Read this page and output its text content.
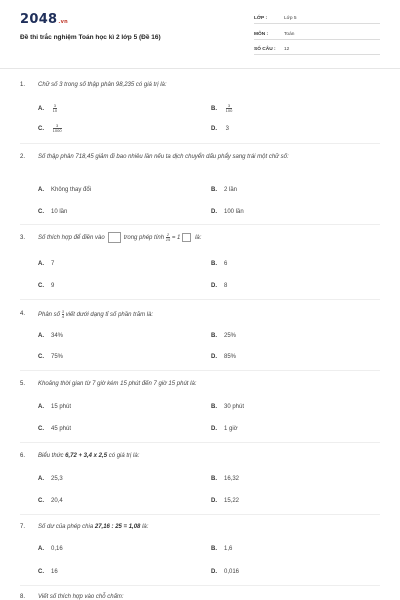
2048.vn
Đề thi trắc nghiệm Toán học kì 2 lớp 5 (Đề 16)
LỚP :	Lớp 5
MÔN :	Toán
SỐ CÂU : 12
1. Chữ số 3 trong số thập phân 98,235 có giá trị là:
A. $\frac{3}{10}$	B. $\frac{3}{100}$
C. $\frac{3}{1000}$	D. 3
2. Số thập phân 718,45 giảm đi bao nhiêu lần nếu ta dịch chuyển dấu phẩy sang trái một chữ số:
A. Không thay đổi	B. 2 lần
C. 10 lần	D. 100 lần
3. Số thích hợp để điền vào	trong phép tính $\frac{2}{15} = 1$ là:
A. 7	B. 6
C. 9	D. 8
4. Phân số $\frac{3}{4}$ viết dưới dạng tỉ số phần trăm là:
A. 34%	B. 25%
C. 75%	D. 85%
5. Khoảng thời gian từ 7 giờ kém 15 phút đến 7 giờ 15 phút là:
A. 15 phút	B. 30 phút
C. 45 phút	D. 1 giờ
6. Biểu thức 6,72 + 3,4 x 2,5 có giá trị là:
A. 25,3	B. 16,32
C. 20,4	D. 15,22
7. Số dư của phép chia 27,16 : 25 = 1,08 là:
A. 0,16	B. 1,6
C. 16	D. 0,016
8. Viết số thích hợp vào chỗ chấm:
